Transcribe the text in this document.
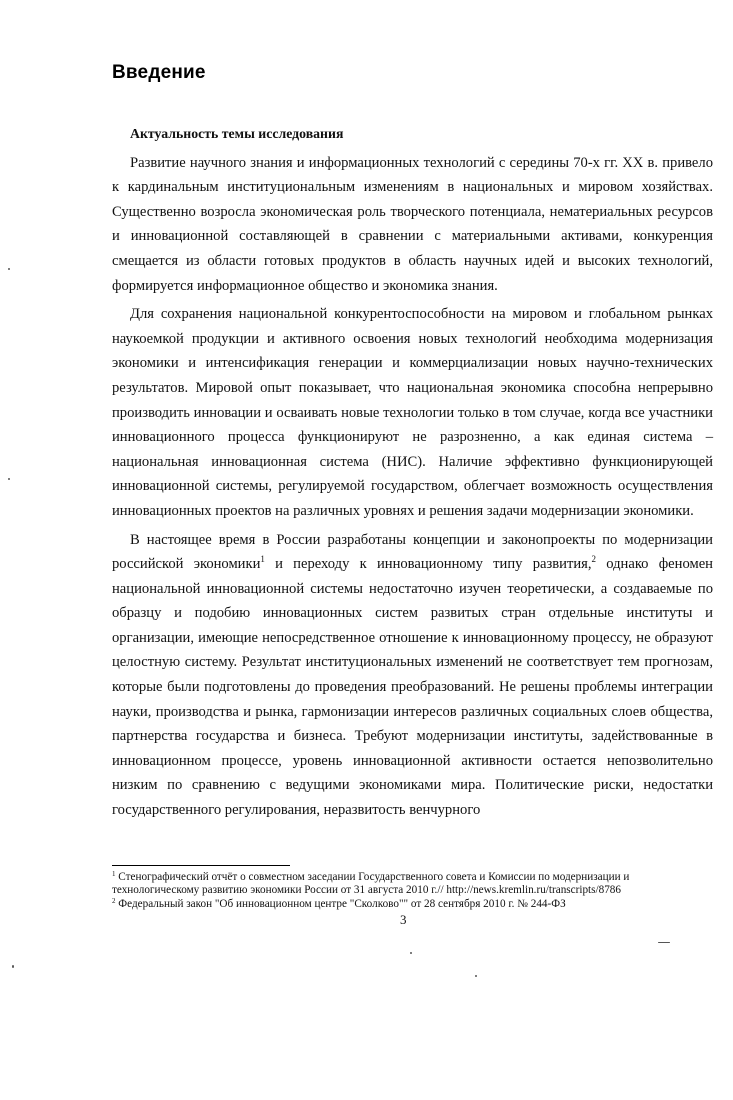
Введение

Актуальность темы исследования

Развитие научного знания и информационных технологий с середины 70-х гг. XX в. привело к кардинальным институциональным изменениям в национальных и мировом хозяйствах. Существенно возросла экономическая роль творческого потенциала, нематериальных ресурсов и инновационной составляющей в сравнении с материальными активами, конкуренция смещается из области готовых продуктов в область научных идей и высоких технологий, формируется информационное общество и экономика знания.

Для сохранения национальной конкурентоспособности на мировом и глобальном рынках наукоемкой продукции и активного освоения новых технологий необходима модернизация экономики и интенсификация генерации и коммерциализации новых научно-технических результатов. Мировой опыт показывает, что национальная экономика способна непрерывно производить инновации и осваивать новые технологии только в том случае, когда все участники инновационного процесса функционируют не разрозненно, а как единая система – национальная инновационная система (НИС). Наличие эффективно функционирующей инновационной системы, регулируемой государством, облегчает возможность осуществления инновационных проектов на различных уровнях и решения задачи модернизации экономики.

В настоящее время в России разработаны концепции и законопроекты по модернизации российской экономики$^1$ и переходу к инновационному типу развития,$^2$ однако феномен национальной инновационной системы недостаточно изучен теоретически, а создаваемые по образцу и подобию инновационных систем развитых стран отдельные институты и организации, имеющие непосредственное отношение к инновационному процессу, не образуют целостную систему. Результат институциональных изменений не соответствует тем прогнозам, которые были подготовлены до проведения преобразований. Не решены проблемы интеграции науки, производства и рынка, гармонизации интересов различных социальных слоев общества, партнерства государства и бизнеса. Требуют модернизации институты, задействованные в инновационном процессе, уровень инновационной активности остается непозволительно низким по сравнению с ведущими экономиками мира. Политические риски, недостатки государственного регулирования, неразвитость венчурного

$^1$ Стенографический отчёт о совместном заседании Государственного совета и Комиссии по модернизации и технологическому развитию экономики России от 31 августа 2010 г.// http://news.kremlin.ru/transcripts/8786
$^2$ Федеральный закон "Об инновационном центре "Сколково"" от 28 сентября 2010 г. № 244-ФЗ
3
